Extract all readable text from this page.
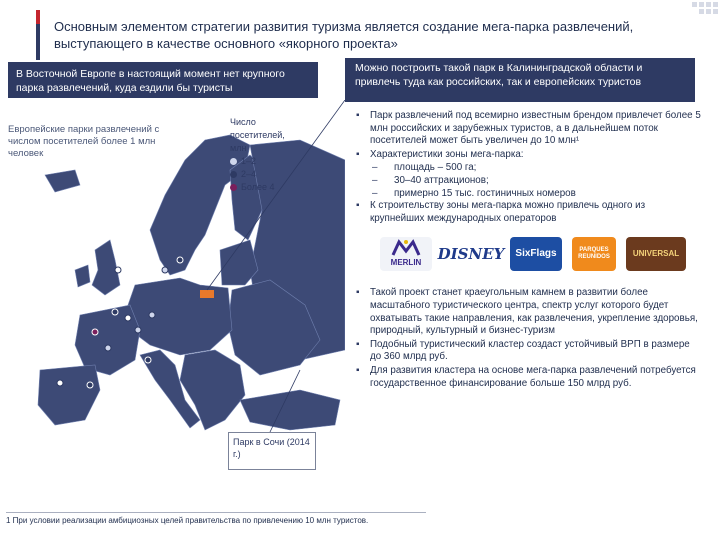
Основным элементом стратегии развития туризма является создание мега-парка развлечений, выступающего в качестве основного «якорного проекта»
В Восточной Европе в настоящий момент нет крупного парка развлечений, куда ездили бы туристы
Можно построить такой парк в Калининградской области и привлечь туда как российских, так и европейских туристов
Европейские парки развлечений с числом посетителей более 1 млн человек
Число посетителей, млн
1–2
2–4
Более 4
Парк в Сочи (2014 г.)
▪ Парк развлечений под всемирно известным брендом привлечет более 5 млн российских и зарубежных туристов, а в дальнейшем поток посетителей может быть увеличен до 10 млн¹
▪ Характеристики зоны мега-парка:
– площадь – 500 га;
– 30–40 аттракционов;
– примерно 15 тыс. гостиничных номеров
▪ К строительству зоны мега-парка можно привлечь одного из крупнейших международных операторов
MERLIN DISNEY	SixFlags	PARQUES REUNIDOS	UNIVERSAL
▪ Такой проект станет краеугольным камнем в развитии более масштабного туристического центра, спектр услуг которого будет охватывать такие направления, как развлечения, укрепление здоровья, природный, культурный и бизнес-туризм
▪ Подобный туристический кластер создаст устойчивый ВРП в размере до 360 млрд руб.
▪ Для развития кластера на основе мега-парка развлечений потребуется государственное финансирование больше 150 млрд руб.
1 При условии реализации амбициозных целей правительства по привлечению 10 млн туристов.
